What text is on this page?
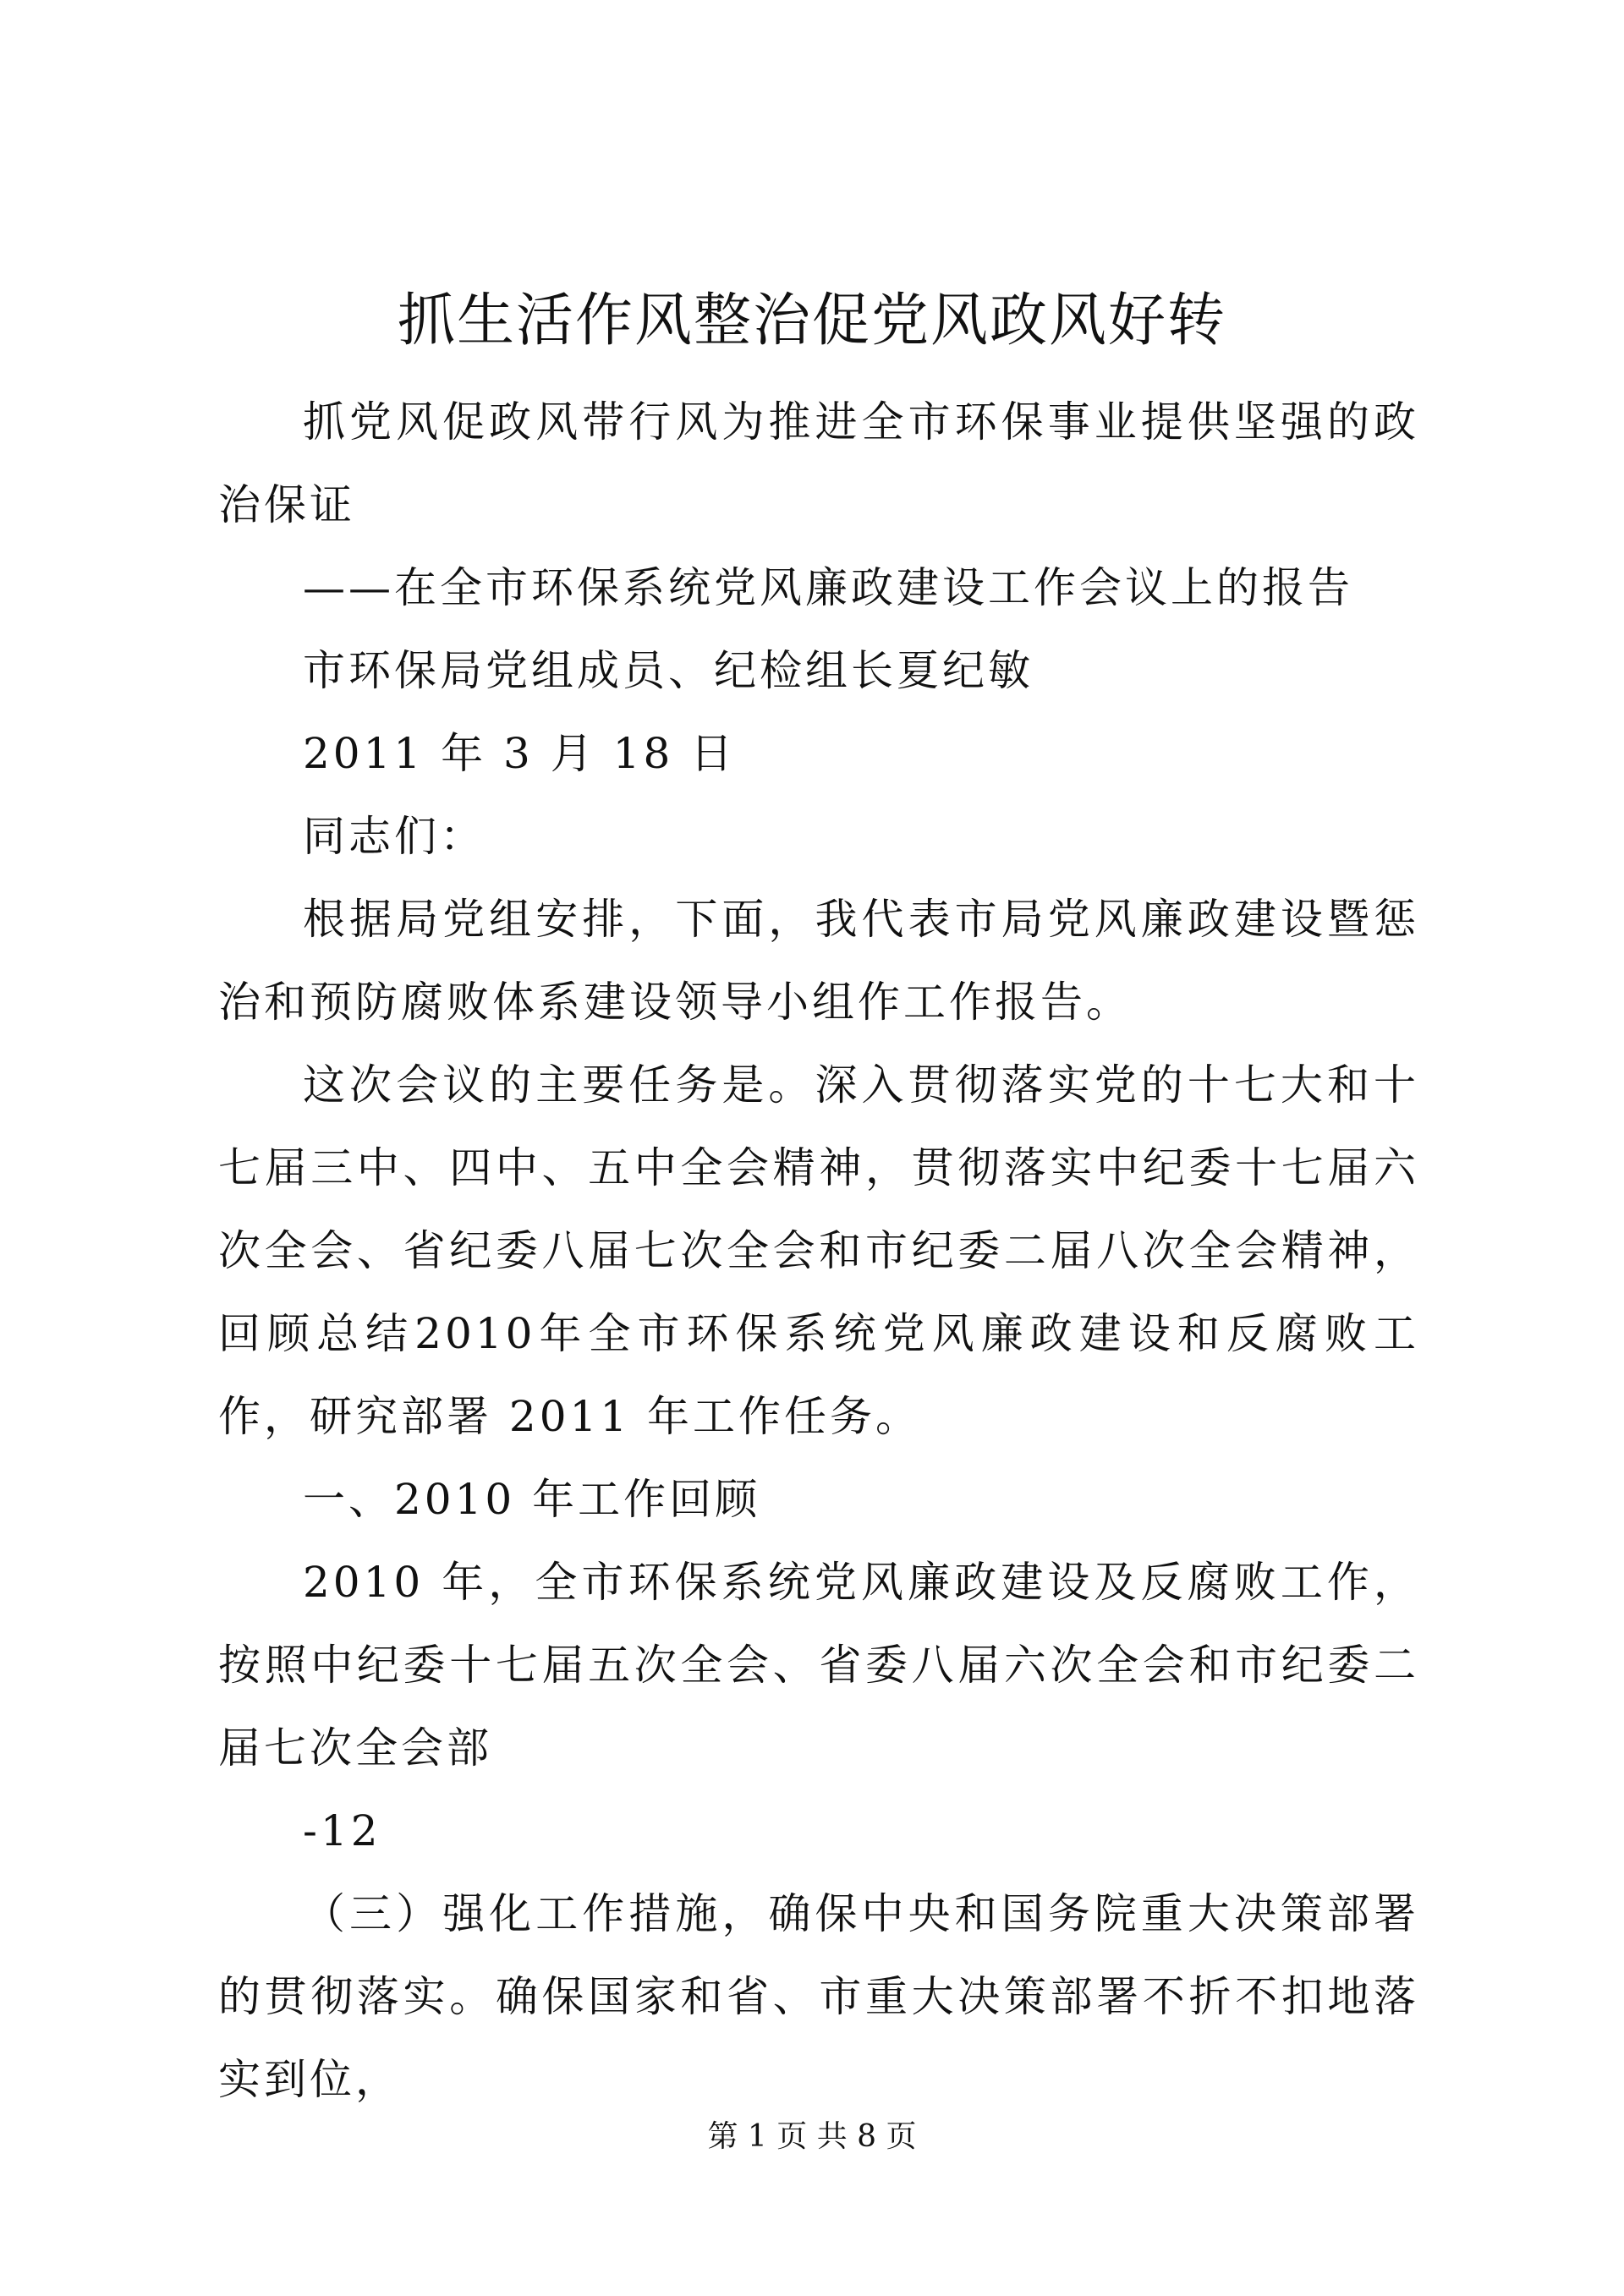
抓生活作风整治促党风政风好转

抓党风促政风带行风为推进全市环保事业提供坚强的政治保证

——在全市环保系统党风廉政建设工作会议上的报告

市环保局党组成员、纪检组长夏纪敏

2011 年 3 月 18 日

同志们：

根据局党组安排，下面，我代表市局党风廉政建设暨惩治和预防腐败体系建设领导小组作工作报告。

这次会议的主要任务是。深入贯彻落实党的十七大和十七届三中、四中、五中全会精神，贯彻落实中纪委十七届六次全会、省纪委八届七次全会和市纪委二届八次全会精神，回顾总结2010年全市环保系统党风廉政建设和反腐败工作，研究部署 2011 年工作任务。

一、2010 年工作回顾

2010 年，全市环保系统党风廉政建设及反腐败工作，按照中纪委十七届五次全会、省委八届六次全会和市纪委二届七次全会部

-12

（三）强化工作措施，确保中央和国务院重大决策部署的贯彻落实。确保国家和省、市重大决策部署不折不扣地落实到位，

第 1 页 共 8 页
